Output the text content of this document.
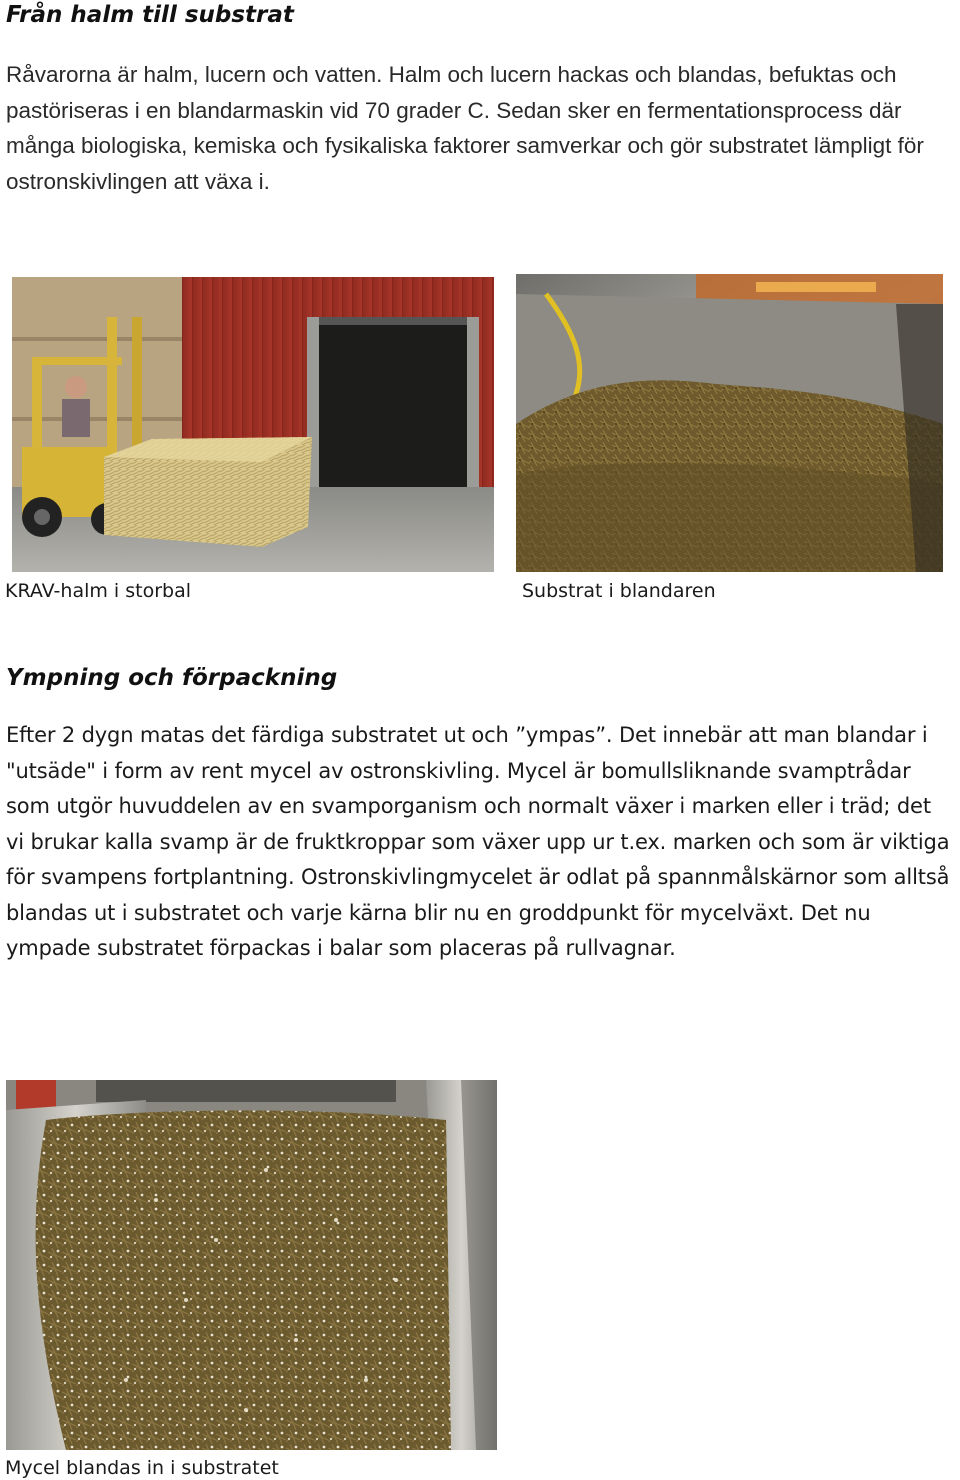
Från halm till substrat

Råvarorna är halm, lucern och vatten. Halm och lucern hackas och blandas, befuktas och pastöriseras i en blandarmaskin vid 70 grader C. Sedan sker en fermentationsprocess där många biologiska, kemiska och fysikaliska faktorer samverkar och gör substratet lämpligt för ostronskivlingen att växa i.

KRAV-halm i storbal	Substrat i blandaren

Ympning och förpackning

Efter 2 dygn matas det färdiga substratet ut och ”ympas”. Det innebär att man blandar i "utsäde" i form av rent mycel av ostronskivling. Mycel är bomullsliknande svamptrådar som utgör huvuddelen av en svamporganism och normalt växer i marken eller i träd; det vi brukar kalla svamp är de fruktkroppar som växer upp ur t.ex. marken och som är viktiga för svampens fortplantning. Ostronskivlingmycelet är odlat på spannmålskärnor som alltså blandas ut i substratet och varje kärna blir nu en groddpunkt för mycelväxt. Det nu ympade substratet förpackas i balar som placeras på rullvagnar.

Mycel blandas in i substratet
